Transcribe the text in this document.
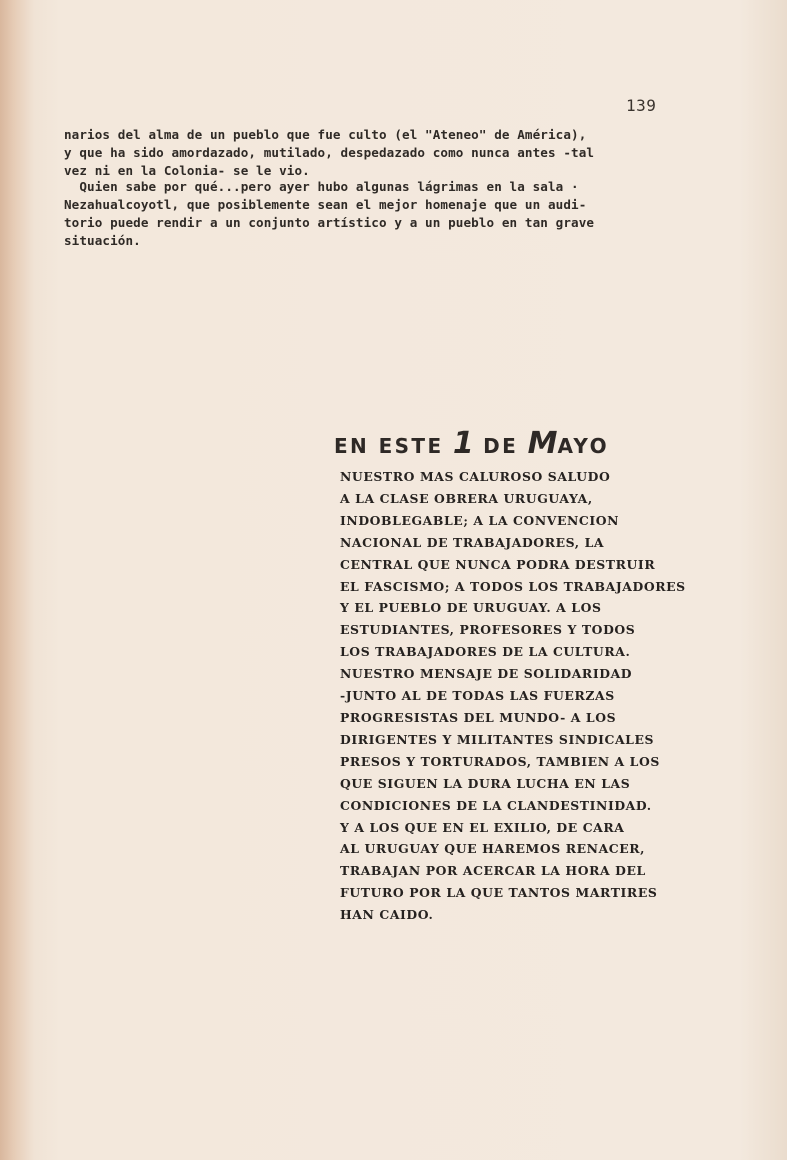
139
narios del alma de un pueblo que fue culto (el "Ateneo" de América),
y que ha sido amordazado, mutilado, despedazado como nunca antes -tal
vez ni en la Colonia- se le vio.
Quien sabe por qué...pero ayer hubo algunas lágrimas en la sala ·
Nezahualcoyotl, que posiblemente sean el mejor homenaje que un audi-
torio puede rendir a un conjunto artístico y a un pueblo en tan grave
situación.
EN ESTE 1 DE MAYO
NUESTRO MAS CALUROSO SALUDO
A LA CLASE OBRERA URUGUAYA,
INDOBLEGABLE; A LA CONVENCION
NACIONAL DE TRABAJADORES, LA
CENTRAL QUE NUNCA PODRA DESTRUIR
EL FASCISMO; A TODOS LOS TRABAJADORES
Y EL PUEBLO DE URUGUAY. A LOS
ESTUDIANTES, PROFESORES Y TODOS
LOS TRABAJADORES DE LA CULTURA.
NUESTRO MENSAJE DE SOLIDARIDAD
-JUNTO AL DE TODAS LAS FUERZAS
PROGRESISTAS DEL MUNDO- A LOS
DIRIGENTES Y MILITANTES SINDICALES
PRESOS Y TORTURADOS, TAMBIEN A LOS
QUE SIGUEN LA DURA LUCHA EN LAS
CONDICIONES DE LA CLANDESTINIDAD.
Y A LOS QUE EN EL EXILIO, DE CARA
AL URUGUAY QUE HAREMOS RENACER,
TRABAJAN POR ACERCAR LA HORA DEL
FUTURO POR LA QUE TANTOS MARTIRES
HAN CAIDO.
